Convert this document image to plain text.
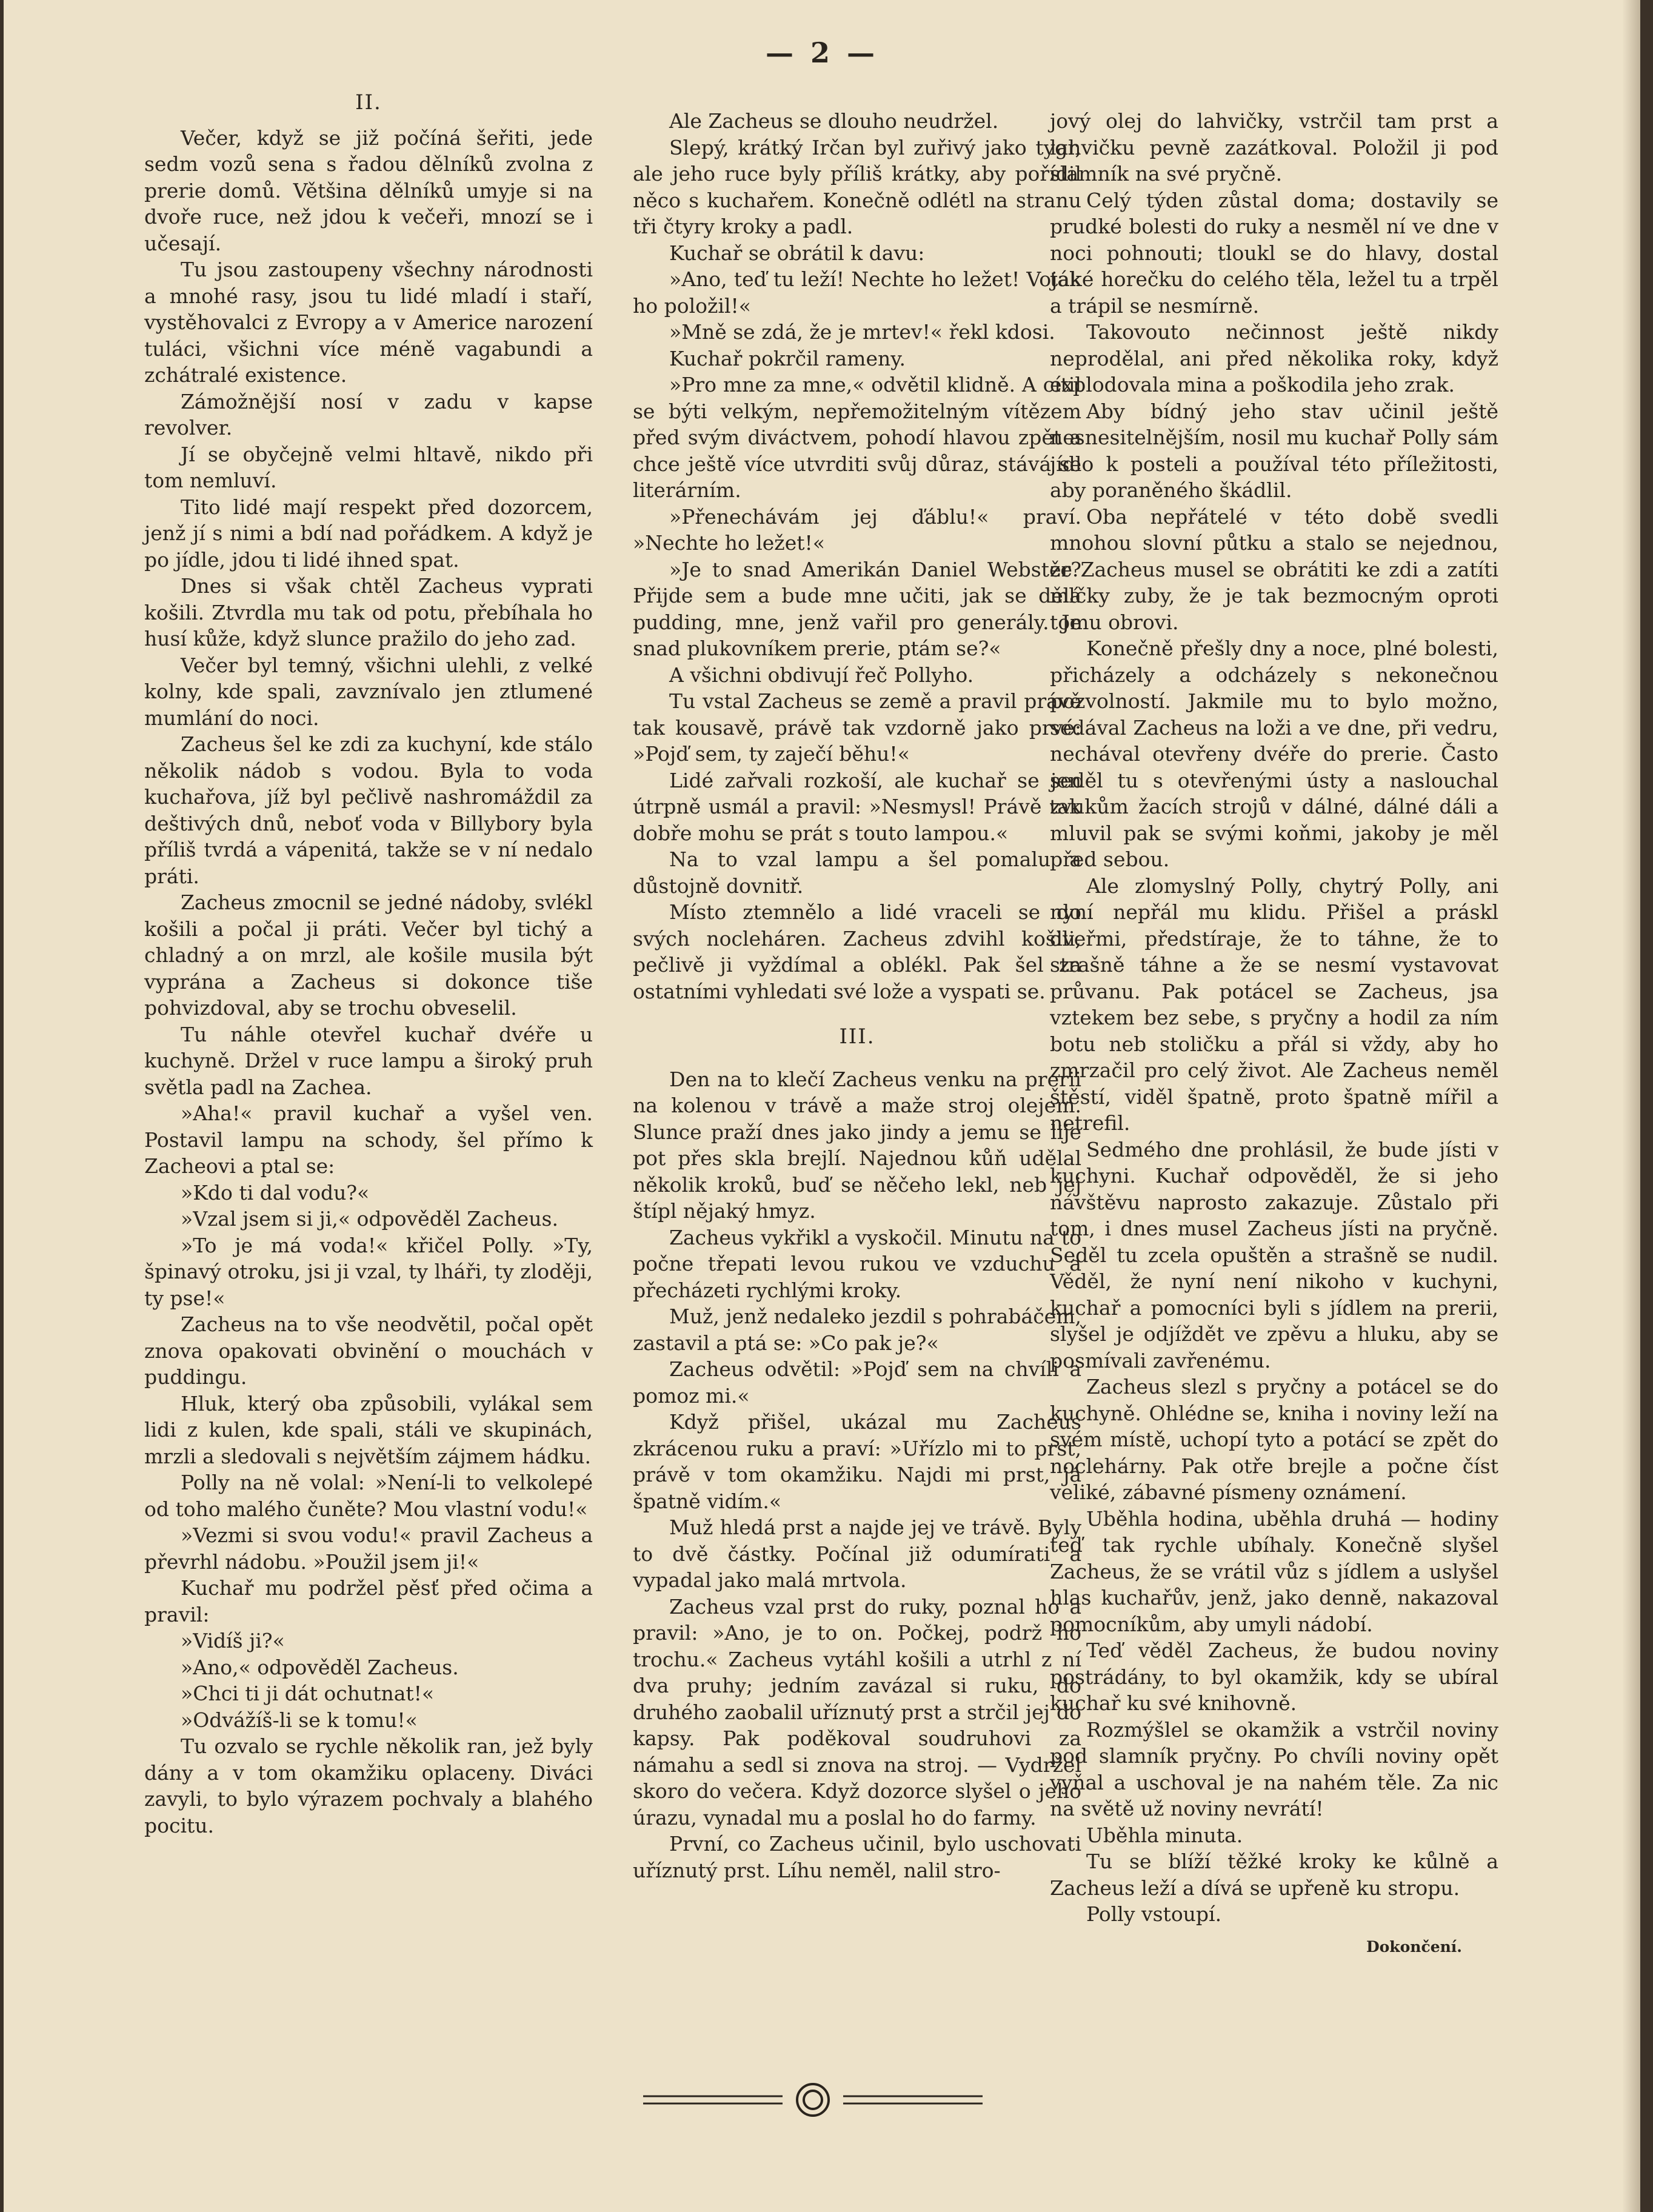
— 2 —
II.

Večer, když se již počíná šeřiti, jede sedm vozů sena s řadou dělníků zvolna z prerie domů. Většina dělníků umyje si na dvoře ruce, než jdou k večeři, mnozí se i učesají.

Tu jsou zastoupeny všechny národnosti a mnohé rasy, jsou tu lidé mladí i staří, vystěhovalci z Evropy a v Americe narození tuláci, všichni více méně vagabundi a zchátralé existence.

Zámožnější nosí v zadu v kapse revolver.

Jí se obyčejně velmi hltavě, nikdo při tom nemluví.

Tito lidé mají respekt před dozorcem, jenž jí s nimi a bdí nad pořádkem. A když je po jídle, jdou ti lidé ihned spat.

Dnes si však chtěl Zacheus vyprati košili. Ztvrdla mu tak od potu, přebíhala ho husí kůže, když slunce pražilo do jeho zad.

Večer byl temný, všichni ulehli, z velké kolny, kde spali, zavznívalo jen ztlumené mumlání do noci.

Zacheus šel ke zdi za kuchyní, kde stálo několik nádob s vodou. Byla to voda kuchařova, jíž byl pečlivě nashromáždil za deštivých dnů, neboť voda v Billybory byla příliš tvrdá a vápenitá, takže se v ní nedalo práti.

Zacheus zmocnil se jedné nádoby, svlékl košili a počal ji práti. Večer byl tichý a chladný a on mrzl, ale košile musila být vyprána a Zacheus si dokonce tiše pohvizdoval, aby se trochu obveselil.

Tu náhle otevřel kuchař dvéře u kuchyně. Držel v ruce lampu a široký pruh světla padl na Zachea.

»Aha!« pravil kuchař a vyšel ven. Postavil lampu na schody, šel přímo k Zacheovi a ptal se:

»Kdo ti dal vodu?«

»Vzal jsem si ji,« odpověděl Zacheus.

»To je má voda!« křičel Polly. »Ty, špinavý otroku, jsi ji vzal, ty lháři, ty zloději, ty pse!«

Zacheus na to vše neodvětil, počal opět znova opakovati obvinění o mouchách v puddingu.

Hluk, který oba způsobili, vylákal sem lidi z kulen, kde spali, stáli ve skupinách, mrzli a sledovali s největším zájmem hádku.

Polly na ně volal: »Není-li to velkolepé od toho malého čuněte? Mou vlastní vodu!«

»Vezmi si svou vodu!« pravil Zacheus a převrhl nádobu. »Použil jsem ji!«

Kuchař mu podržel pěsť před očima a pravil:

»Vidíš ji?«

»Ano,« odpověděl Zacheus.

»Chci ti ji dát ochutnat!«

»Odvážíš-li se k tomu!«

Tu ozvalo se rychle několik ran, jež byly dány a v tom okamžiku oplaceny. Diváci zavyli, to bylo výrazem pochvaly a blahého pocitu.

Ale Zacheus se dlouho neudržel.

Slepý, krátký Irčan byl zuřivý jako tygr, ale jeho ruce byly příliš krátky, aby pořídil něco s kuchařem. Konečně odlétl na stranu tři čtyry kroky a padl.

Kuchař se obrátil k davu:

»Ano, teď tu leží! Nechte ho ležet! Voják ho položil!«

»Mně se zdá, že je mrtev!« řekl kdosi.

Kuchař pokrčil rameny.

»Pro mne za mne,« odvětil klidně. A cítil se býti velkým, nepřemožitelným vítězem před svým diváctvem, pohodí hlavou zpět a chce ještě více utvrditi svůj důraz, stává se literárním.

»Přenechávám jej ďáblu!« praví. »Nechte ho ležet!«

»Je to snad Amerikán Daniel Webster? Přijde sem a bude mne učiti, jak se dělá pudding, mne, jenž vařil pro generály. Je snad plukovníkem prerie, ptám se?«

A všichni obdivují řeč Pollyho.

Tu vstal Zacheus se země a pravil právě tak kousavě, právě tak vzdorně jako prvé: »Pojď sem, ty zaječí běhu!«

Lidé zařvali rozkoší, ale kuchař se jen útrpně usmál a pravil: »Nesmysl! Právě tak dobře mohu se prát s touto lampou.«

Na to vzal lampu a šel pomalu a důstojně dovnitř.

Místo ztemnělo a lidé vraceli se do svých nocleháren. Zacheus zdvihl košili, pečlivě ji vyždímal a oblékl. Pak šel za ostatními vyhledati své lože a vyspati se.

III.

Den na to klečí Zacheus venku na prerii na kolenou v trávě a maže stroj olejem. Slunce praží dnes jako jindy a jemu se lije pot přes skla brejlí. Najednou kůň udělal několik kroků, buď se něčeho lekl, neb jej štípl nějaký hmyz.

Zacheus vykřikl a vyskočil. Minutu na to počne třepati levou rukou ve vzduchu a přecházeti rychlými kroky.

Muž, jenž nedaleko jezdil s pohrabáčem, zastavil a ptá se: »Co pak je?«

Zacheus odvětil: »Pojď sem na chvíli a pomoz mi.«

Když přišel, ukázal mu Zacheus zkrácenou ruku a praví: »Uřízlo mi to prst, právě v tom okamžiku. Najdi mi prst, já špatně vidím.«

Muž hledá prst a najde jej ve trávě. Byly to dvě částky. Počínal již odumírati a vypadal jako malá mrtvola.

Zacheus vzal prst do ruky, poznal ho a pravil: »Ano, je to on. Počkej, podrž ho trochu.« Zacheus vytáhl košili a utrhl z ní dva pruhy; jedním zavázal si ruku, do druhého zaobalil uříznutý prst a strčil jej do kapsy. Pak poděkoval soudruhovi za námahu a sedl si znova na stroj. — Vydržel skoro do večera. Když dozorce slyšel o jeho úrazu, vynadal mu a poslal ho do farmy.

První, co Zacheus učinil, bylo uschovati uříznutý prst. Líhu neměl, nalil stro-

jový olej do lahvičky, vstrčil tam prst a lahvičku pevně zazátkoval. Položil ji pod slamník na své pryčně.

Celý týden zůstal doma; dostavily se prudké bolesti do ruky a nesměl ní ve dne v noci pohnouti; tloukl se do hlavy, dostal také horečku do celého těla, ležel tu a trpěl a trápil se nesmírně.

Takovouto nečinnost ještě nikdy neprodělal, ani před několika roky, když explodovala mina a poškodila jeho zrak.

Aby bídný jeho stav učinil ještě nesnesitelnějším, nosil mu kuchař Polly sám jídlo k posteli a používal této příležitosti, aby poraněného škádlil.

Oba nepřátelé v této době svedli mnohou slovní půtku a stalo se nejednou, že Zacheus musel se obrátiti ke zdi a zatíti mlčky zuby, že je tak bezmocným oproti tomu obrovi.

Konečně přešly dny a noce, plné bolesti, přicházely a odcházely s nekonečnou pozvolností. Jakmile mu to bylo možno, sedával Zacheus na loži a ve dne, při vedru, nechával otevřeny dvéře do prerie. Často seděl tu s otevřenými ústy a naslouchal zvukům žacích strojů v dálné, dálné dáli a mluvil pak se svými koňmi, jakoby je měl před sebou.

Ale zlomyslný Polly, chytrý Polly, ani nyní nepřál mu klidu. Přišel a práskl dveřmi, předstíraje, že to táhne, že to strašně táhne a že se nesmí vystavovat průvanu. Pak potácel se Zacheus, jsa vztekem bez sebe, s pryčny a hodil za ním botu neb stoličku a přál si vždy, aby ho zmrzačil pro celý život. Ale Zacheus neměl štěstí, viděl špatně, proto špatně mířil a netrefil.

Sedmého dne prohlásil, že bude jísti v kuchyni. Kuchař odpověděl, že si jeho návštěvu naprosto zakazuje. Zůstalo při tom, i dnes musel Zacheus jísti na pryčně. Seděl tu zcela opuštěn a strašně se nudil. Věděl, že nyní není nikoho v kuchyni, kuchař a pomocníci byli s jídlem na prerii, slyšel je odjíždět ve zpěvu a hluku, aby se posmívali zavřenému.

Zacheus slezl s pryčny a potácel se do kuchyně. Ohlédne se, kniha i noviny leží na svém místě, uchopí tyto a potácí se zpět do noclehárny. Pak otře brejle a počne číst veliké, zábavné písmeny oznámení.

Uběhla hodina, uběhla druhá — hodiny teď tak rychle ubíhaly. Konečně slyšel Zacheus, že se vrátil vůz s jídlem a uslyšel hlas kuchařův, jenž, jako denně, nakazoval pomocníkům, aby umyli nádobí.

Teď věděl Zacheus, že budou noviny postrádány, to byl okamžik, kdy se ubíral kuchař ku své knihovně.

Rozmýšlel se okamžik a vstrčil noviny pod slamník pryčny. Po chvíli noviny opět vyňal a uschoval je na nahém těle. Za nic na světě už noviny nevrátí!

Uběhla minuta.

Tu se blíží těžké kroky ke kůlně a Zacheus leží a dívá se upřeně ku stropu.

Polly vstoupí.

Dokončení.
